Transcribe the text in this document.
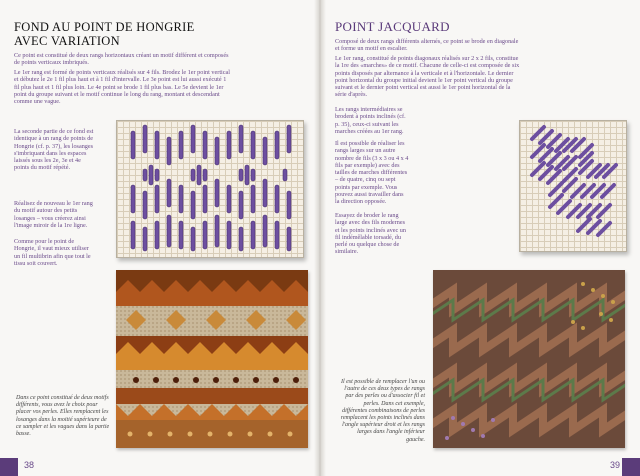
FOND AU POINT DE HONGRIE
AVEC VARIATION

Ce point est constitué de deux rangs horizontaux créant un motif différent et composés de points verticaux imbriqués.

Le 1er rang est formé de points verticaux réalisés sur 4 fils. Brodez le 1er point vertical et débutez le 2e 1 fil plus haut et à 1 fil d'intervalle. Le 3e point est lui aussi exécuté 1 fil plus haut et 1 fil plus loin. Le 4e point se brode 1 fil plus bas. Le 5e devient le 1er point du groupe suivant et le motif continue le long du rang, montant et descendant comme une vague.

La seconde partie de ce fond est identique à un rang de points de Hongrie (cf. p. 37), les losanges s'imbriquant dans les espaces laissés sous les 2e, 3e et 4e points du motif répété.

Réalisez de nouveau le 1er rang du motif autour des petits losanges – vous créerez ainsi l'image miroir de la 1re ligne.

Comme pour le point de Hongrie, il vaut mieux utiliser un fil multibrin afin que tout le tissu soit couvert.

Dans ce point constitué de deux motifs différents, vous avez le choix pour placer vos perles. Elles remplacent les losanges dans la moitié supérieure de ce sampler et les vagues dans la partie basse.

38
POINT JACQUARD

Composé de deux rangs différents alternés, ce point se brode en diagonale et forme un motif en escalier.

Le 1er rang, constitué de points diagonaux réalisés sur 2 x 2 fils, constitue la 1re des «marches» de ce motif. Chacune de celle-ci est composée de six points disposés par alternance à la verticale et à l'horizontale. Le dernier point horizontal du groupe initial devient le 1er point vertical du groupe suivant et le dernier point vertical est aussi le 1er point horizontal de la série d'après.

Les rangs intermédiaires se brodent à points inclinés (cf. p. 35), ceux-ci suivant les marches créées au 1er rang.

Il est possible de réaliser les rangs larges sur un autre nombre de fils (3 x 3 ou 4 x 4 fils par exemple) avec des tailles de marches différentes – de quatre, cinq ou sept points par exemple. Vous pouvez aussi travailler dans la direction opposée.

Essayez de broder le rang large avec des fils modernes et les points inclinés avec un fil indémêlable torsadé, du perlé ou quelque chose de similaire.

Il est possible de remplacer l'un ou l'autre de ces deux types de rangs par des perles ou d'associer fil et perles. Dans cet exemple, différentes combinaisons de perles remplacent les points inclinés dans l'angle supérieur droit et les rangs larges dans l'angle inférieur gauche.

39
